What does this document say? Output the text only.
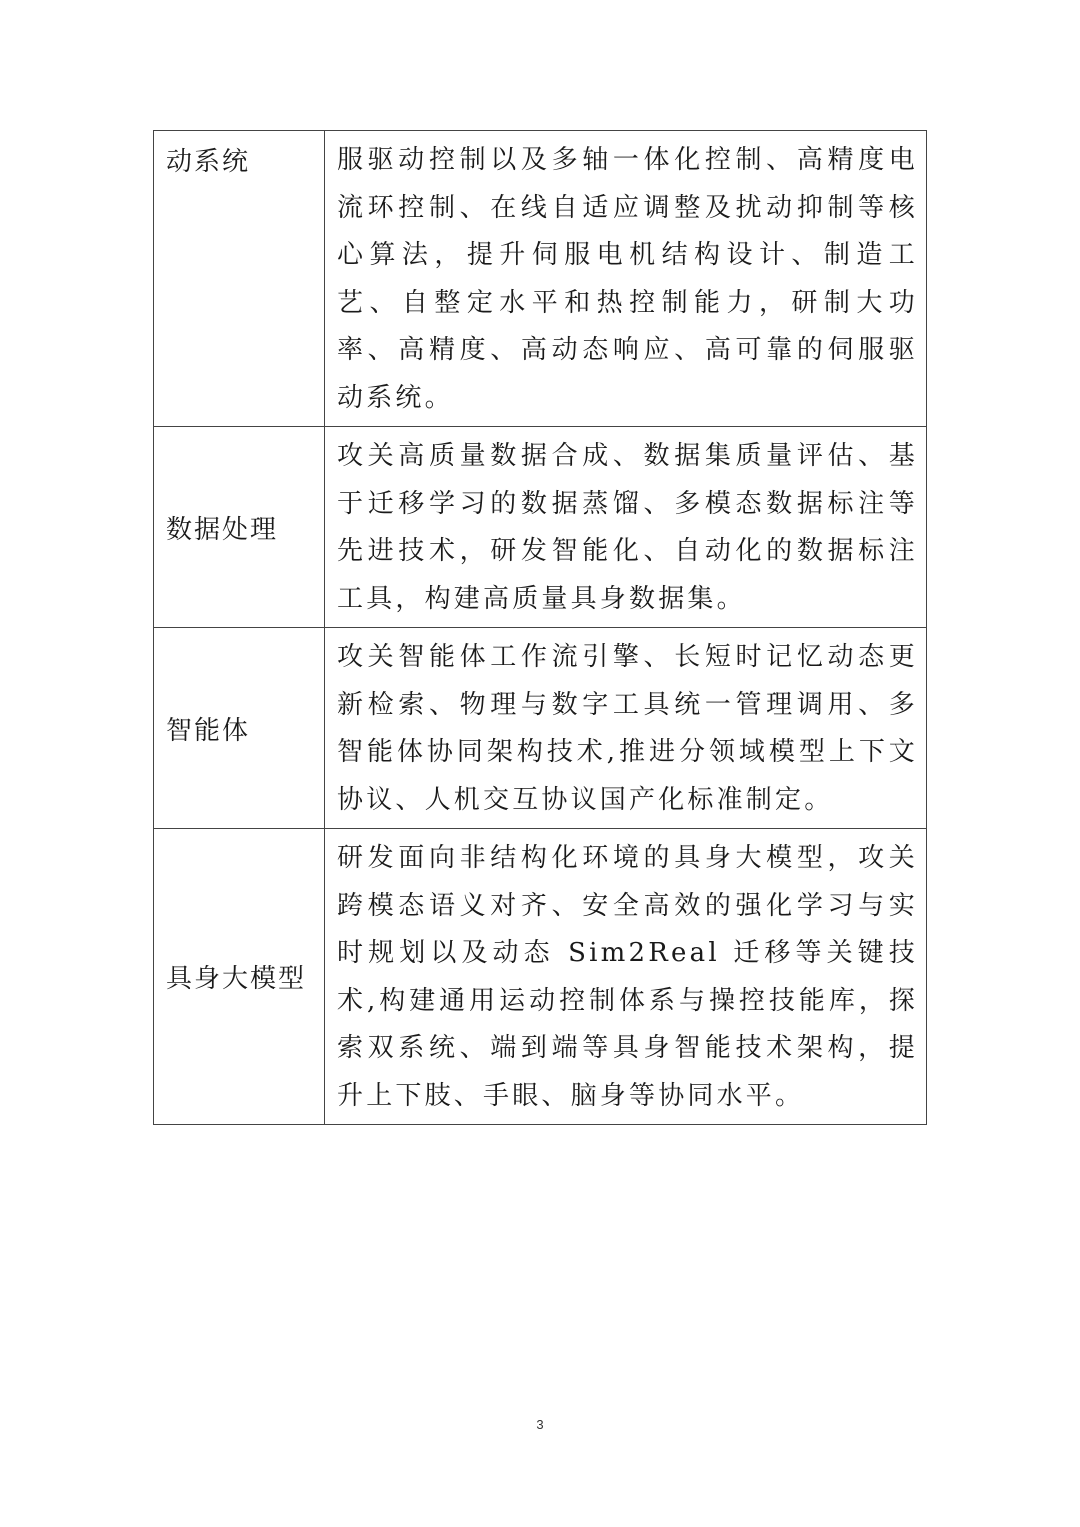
动系统	服驱动控制以及多轴一体化控制、高精度电流环控制、在线自适应调整及扰动抑制等核心算法，提升伺服电机结构设计、制造工艺、自整定水平和热控制能力，研制大功率、高精度、高动态响应、高可靠的伺服驱动系统。
数据处理	攻关高质量数据合成、数据集质量评估、基于迁移学习的数据蒸馏、多模态数据标注等先进技术，研发智能化、自动化的数据标注工具，构建高质量具身数据集。
智能体	攻关智能体工作流引擎、长短时记忆动态更新检索、物理与数字工具统一管理调用、多智能体协同架构技术,推进分领域模型上下文协议、人机交互协议国产化标准制定。
具身大模型	研发面向非结构化环境的具身大模型，攻关跨模态语义对齐、安全高效的强化学习与实时规划以及动态 Sim2Real 迁移等关键技术,构建通用运动控制体系与操控技能库，探索双系统、端到端等具身智能技术架构，提升上下肢、手眼、脑身等协同水平。
3
